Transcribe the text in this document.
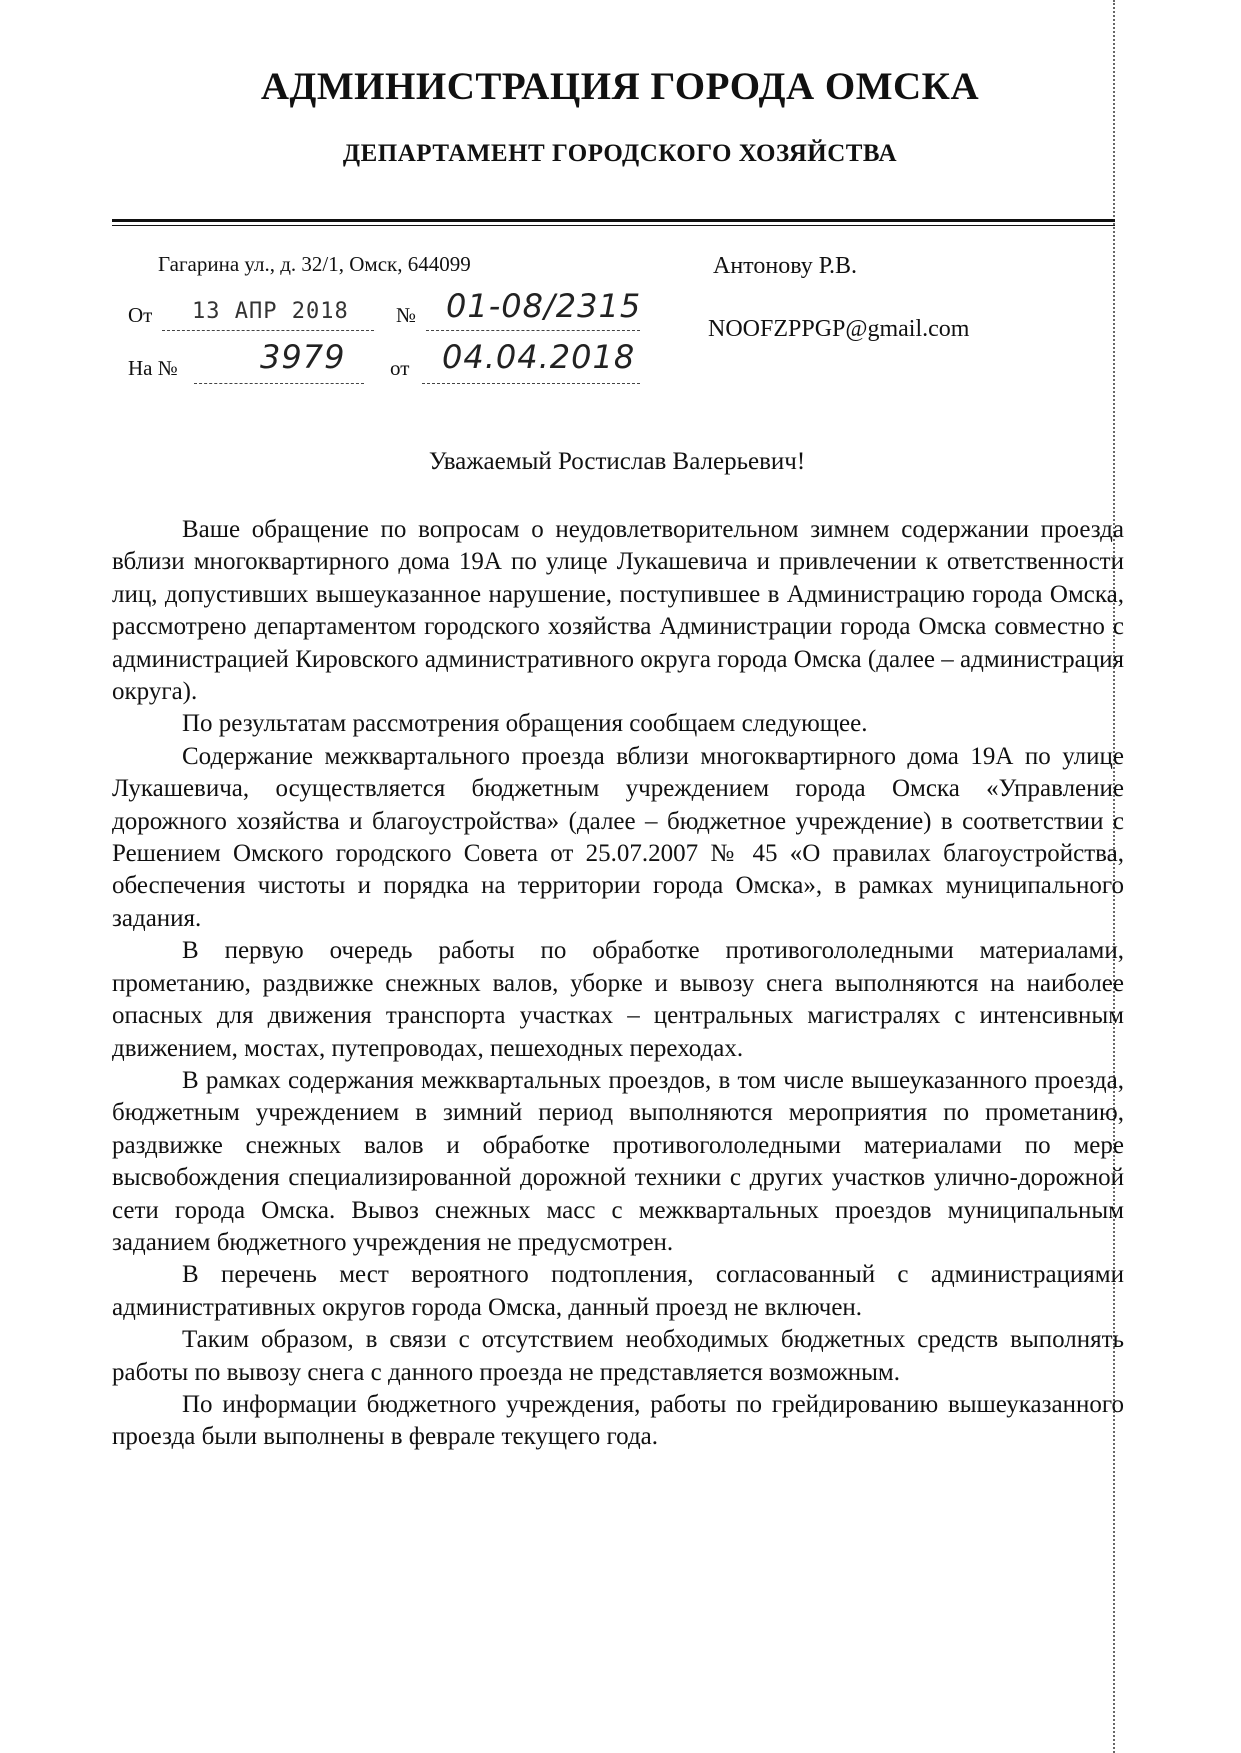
АДМИНИСТРАЦИЯ ГОРОДА ОМСКА
ДЕПАРТАМЕНТ ГОРОДСКОГО ХОЗЯЙСТВА
Гагарина ул., д. 32/1, Омск, 644099
От 13 АПР 2018 № 01-08/2315
На №	3979 от 04.04.2018
Антонову Р.В.
NOOFZPPGP@gmail.com
Уважаемый Ростислав Валерьевич!

Ваше обращение по вопросам о неудовлетворительном зимнем содержании проезда вблизи многоквартирного дома 19А по улице Лукашевича и привлечении к ответственности лиц, допустивших вышеуказанное нарушение, поступившее в Администрацию города Омска, рассмотрено департаментом городского хозяйства Администрации города Омска совместно с администрацией Кировского административного округа города Омска (далее – администрация округа).

По результатам рассмотрения обращения сообщаем следующее.

Содержание межквартального проезда вблизи многоквартирного дома 19А по улице Лукашевича, осуществляется бюджетным учреждением города Омска «Управление дорожного хозяйства и благоустройства» (далее – бюджетное учреждение) в соответствии с Решением Омского городского Совета от 25.07.2007 № 45 «О правилах благоустройства, обеспечения чистоты и порядка на территории города Омска», в рамках муниципального задания.

В первую очередь работы по обработке противогололедными материалами, прометанию, раздвижке снежных валов, уборке и вывозу снега выполняются на наиболее опасных для движения транспорта участках – центральных магистралях с интенсивным движением, мостах, путепроводах, пешеходных переходах.

В рамках содержания межквартальных проездов, в том числе вышеуказанного проезда, бюджетным учреждением в зимний период выполняются мероприятия по прометанию, раздвижке снежных валов и обработке противогололедными материалами по мере высвобождения специализированной дорожной техники с других участков улично-дорожной сети города Омска. Вывоз снежных масс с межквартальных проездов муниципальным заданием бюджетного учреждения не предусмотрен.

В перечень мест вероятного подтопления, согласованный с администрациями административных округов города Омска, данный проезд не включен.

Таким образом, в связи с отсутствием необходимых бюджетных средств выполнять работы по вывозу снега с данного проезда не представляется возможным.

По информации бюджетного учреждения, работы по грейдированию вышеуказанного проезда были выполнены в феврале текущего года.
